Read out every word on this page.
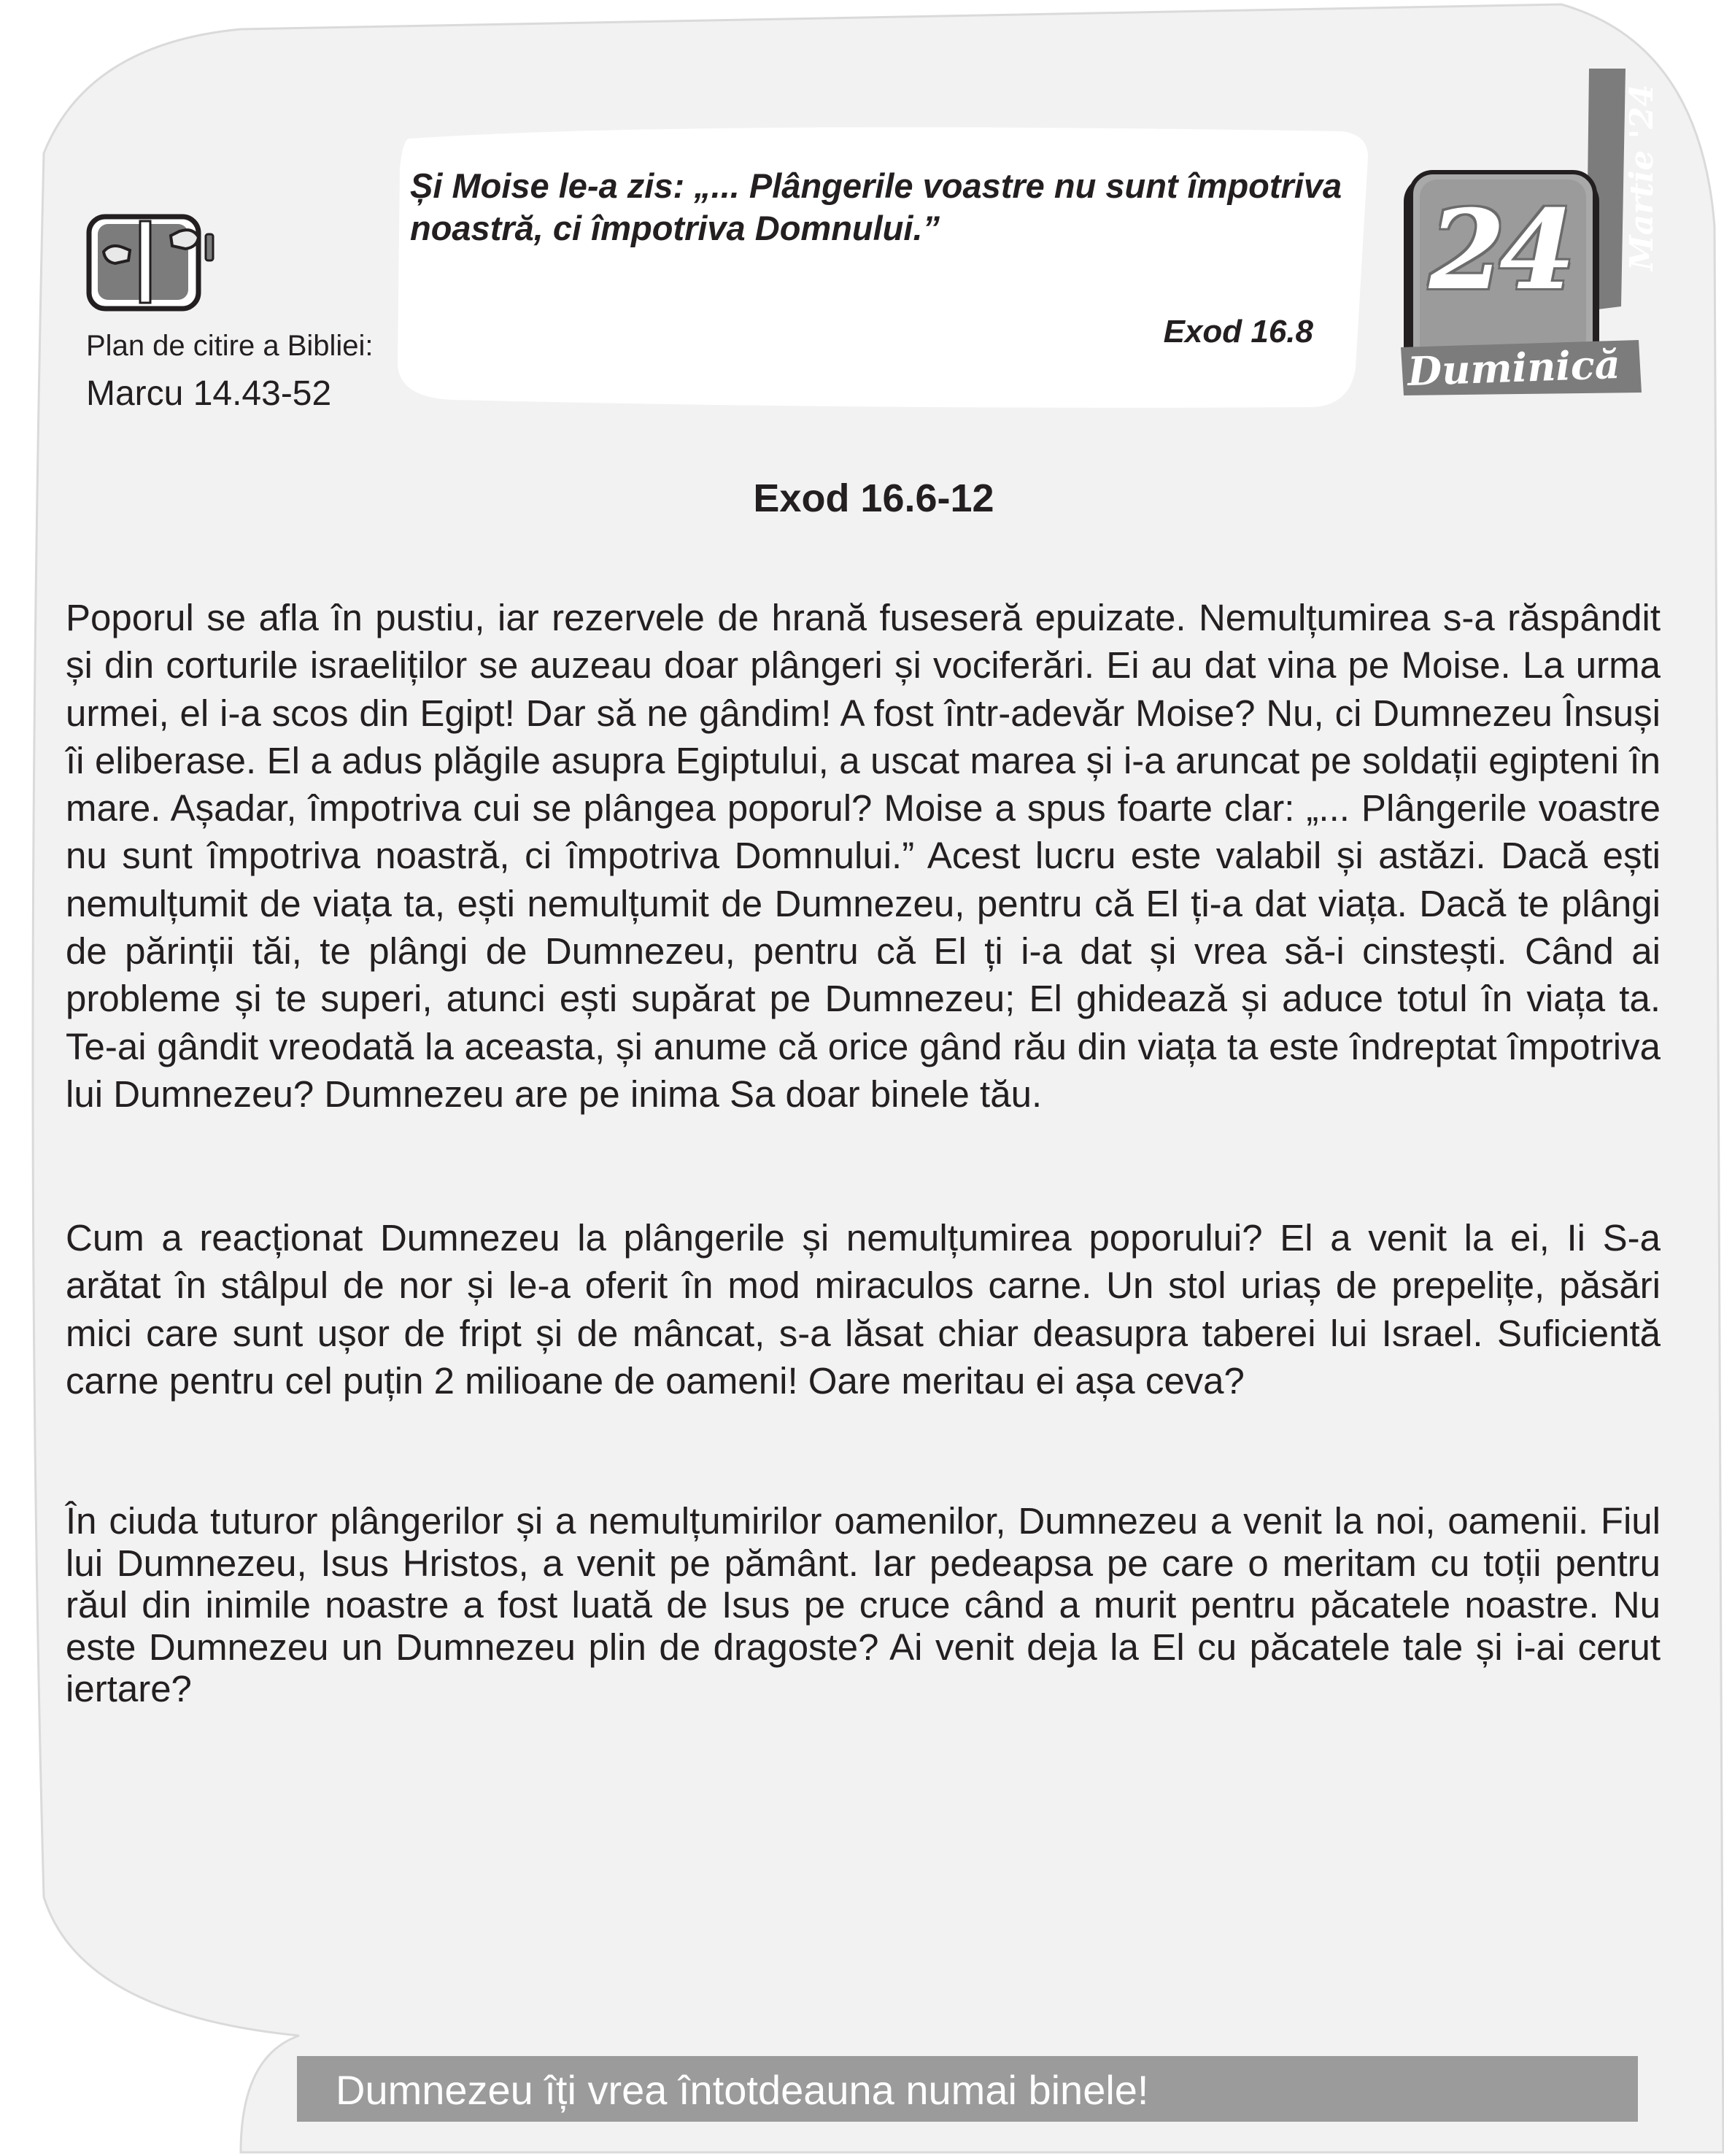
Plan de citire a Bibliei:
Marcu 14.43-52

Și Moise le-a zis: „... Plângerile voastre nu sunt împotriva noastră, ci împotriva Domnului.”

Exod 16.8
24	Martie '24
Duminică
Exod 16.6-12

Poporul se afla în pustiu, iar rezervele de hrană fuseseră epuizate. Nemulțumirea s-a răspândit și din corturile israeliților se auzeau doar plângeri și vociferări. Ei au dat vina pe Moise. La urma urmei, el i-a scos din Egipt! Dar să ne gândim! A fost într-adevăr Moise? Nu, ci Dumnezeu Însuși îi eliberase. El a adus plăgile asupra Egiptului, a uscat marea și i-a aruncat pe soldații egipteni în mare. Așadar, împotriva cui se plângea poporul? Moise a spus foarte clar: „... Plângerile voastre nu sunt împotriva noastră, ci împotriva Domnului.” Acest lucru este valabil și astăzi. Dacă ești nemulțumit de viața ta, ești nemulțumit de Dumnezeu, pentru că El ți-a dat viața. Dacă te plângi de părinții tăi, te plângi de Dumnezeu, pentru că El ți i-a dat și vrea să-i cinstești. Când ai probleme și te superi, atunci ești supărat pe Dumnezeu; El ghidează și aduce totul în viața ta. Te-ai gândit vreodată la aceasta, și anume că orice gând rău din viața ta este îndreptat împotriva lui Dumnezeu? Dumnezeu are pe inima Sa doar binele tău.

Cum a reacționat Dumnezeu la plângerile și nemulțumirea poporului? El a venit la ei, Ii S-a arătat în stâlpul de nor și le-a oferit în mod miraculos carne. Un stol uriaș de prepelițe, păsări mici care sunt ușor de fript și de mâncat, s-a lăsat chiar deasupra taberei lui Israel. Suficientă carne pentru cel puțin 2 milioane de oameni! Oare meritau ei așa ceva?

În ciuda tuturor plângerilor și a nemulțumirilor oamenilor, Dumnezeu a venit la noi, oamenii. Fiul lui Dumnezeu, Isus Hristos, a venit pe pământ. Iar pedeapsa pe care o meritam cu toții pentru răul din inimile noastre a fost luată de Isus pe cruce când a murit pentru păcatele noastre. Nu este Dumnezeu un Dumnezeu plin de dragoste? Ai venit deja la El cu păcatele tale și i-ai cerut iertare?

Dumnezeu îți vrea întotdeauna numai binele!
